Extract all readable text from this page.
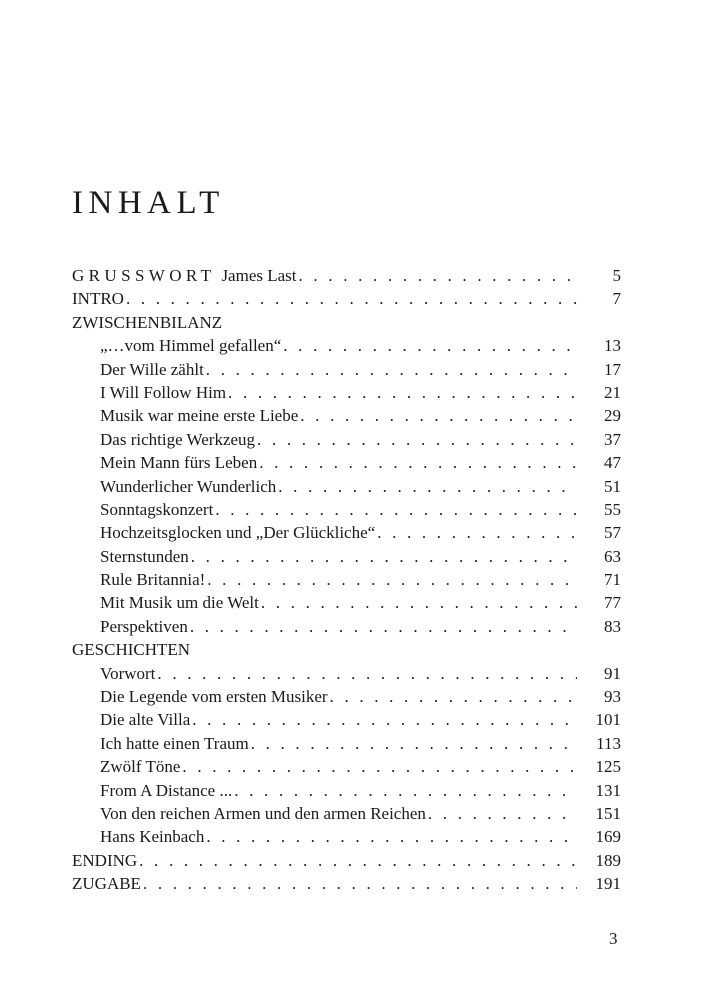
INHALT
GRUSSWORT James Last . . .	5
INTRO . . .	7
ZWISCHENBILANZ
„…vom Himmel gefallen“ . . .	13
Der Wille zählt . . .	17
I Will Follow Him . . .	21
Musik war meine erste Liebe . . .	29
Das richtige Werkzeug . . .	37
Mein Mann fürs Leben . . .	47
Wunderlicher Wunderlich . . .	51
Sonntagskonzert . . .	55
Hochzeitsglocken und „Der Glückliche“ . . .	57
Sternstunden . . .	63
Rule Britannia! . . .	71
Mit Musik um die Welt . . .	77
Perspektiven . . .	83
GESCHICHTEN
Vorwort . . .	91
Die Legende vom ersten Musiker . . .	93
Die alte Villa . . .	101
Ich hatte einen Traum . . .	113
Zwölf Töne . . .	125
From A Distance ... . . .	131
Von den reichen Armen und den armen Reichen . . .	151
Hans Keinbach . . .	169
ENDING . . .	189
ZUGABE . . .	191
3
